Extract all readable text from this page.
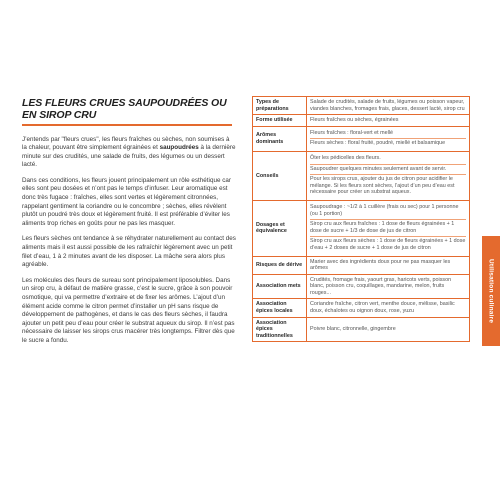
LES FLEURS CRUES SAUPOUDRÉES OU EN SIROP CRU

J’entends par "fleurs crues", les fleurs fraîches ou sèches, non soumises à la chaleur, pouvant être simplement égrainées et saupoudrées à la dernière minute sur des crudités, une salade de fruits, des légumes ou un dessert lacté.

Dans ces conditions, les fleurs jouent principalement un rôle esthétique car elles sont peu dosées et n’ont pas le temps d’infuser. Leur aromatique est donc très fugace : fraîches, elles sont vertes et légèrement citronnées, rappelant gentiment la coriandre ou le concombre ; sèches, elles révèlent plutôt un poudré très doux et légèrement fruité. Il est préférable d’éviter les aliments trop riches en goûts pour ne pas les masquer.

Les fleurs sèches ont tendance à se réhydrater naturellement au contact des aliments mais il est aussi possible de les rafraîchir légèrement avec un petit filet d’eau, 1 à 2 minutes avant de les disposer. La mâche sera alors plus agréable.

Les molécules des fleurs de sureau sont principalement liposolubles. Dans un sirop cru, à défaut de matière grasse, c’est le sucre, grâce à son pouvoir osmotique, qui va permettre d’extraire et de fixer les arômes. L’ajout d’un élément acide comme le citron permet d’installer un pH sans risque de développement de pathogènes, et dans le cas des fleurs sèches, il faudra ajouter un petit peu d’eau pour créer le substrat aqueux du sirop. Il n’est pas nécessaire de laisser les sirops crus macérer très longtemps. Filtrer dès que le sucre a fondu.

Types de préparations	Salade de crudités, salade de fruits, légumes ou poisson vapeur, viandes blanches, fromages frais, glaces, dessert lacté, sirop cru
Forme utilisée	Fleurs fraîches ou sèches, égrainées
Arômes dominants	Fleurs fraîches : floral-vert et mellé
Fleurs sèches : floral fruité, poudré, miellé et balsamique

Conseils	Ôter les pédicelles des fleurs.
Saupoudrer quelques minutes seulement avant de servir.
Pour les sirops crus, ajouter du jus de citron pour acidifier le mélange. Si les fleurs sont sèches, l’ajout d’un peu d’eau est nécessaire pour créer un substrat aqueux.

Dosages et équivalence	Saupoudrage : ~1/2 à 1 cuillère (frais ou sec) pour 1 personne (ou 1 portion)
Sirop cru aux fleurs fraîches : 1 dose de fleurs égrainées + 1 dose de sucre + 1/3 de dose de jus de citron
Sirop cru aux fleurs sèches : 1 dose de fleurs égrainées + 1 dose d’eau + 2 doses de sucre + 1 dose de jus de citron

Risques de dérive	Marier avec des ingrédients doux pour ne pas masquer les arômes
Association mets	Crudités, fromage frais, yaourt gras, haricots verts, poisson blanc, poisson cru, coquillages, mandarine, melon, fruits rouges...
Association épices locales	Coriandre fraîche, citron vert, menthe douce, mélisse, basilic doux, échalotes ou oignon doux, rose, yuzu
Association épices traditionnelles	Poivre blanc, citronnelle, gingembre
Utilisation culinaire
